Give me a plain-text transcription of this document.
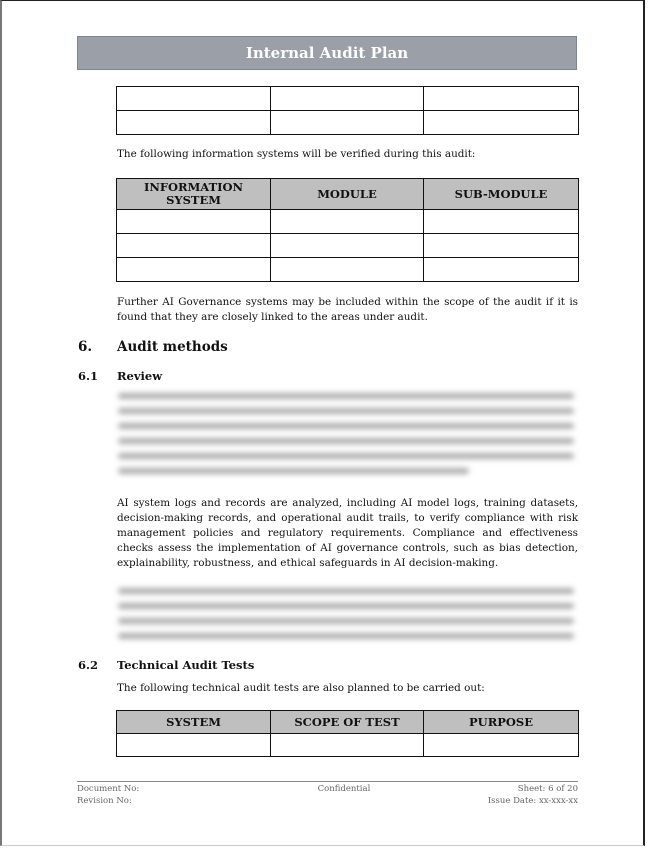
Internal Audit Plan

The following information systems will be verified during this audit:
INFORMATION SYSTEM	MODULE	SUB-MODULE

Further AI Governance systems may be included within the scope of the audit if it is found that they are closely linked to the areas under audit.
6. Audit methods
6.1 Review
AI system logs and records are analyzed, including AI model logs, training datasets, decision-making records, and operational audit trails, to verify compliance with risk management policies and regulatory requirements. Compliance and effectiveness checks assess the implementation of AI governance controls, such as bias detection, explainability, robustness, and ethical safeguards in AI decision-making.
6.2 Technical Audit Tests
The following technical audit tests are also planned to be carried out:
SYSTEM	SCOPE OF TEST	PURPOSE

Document No:
Revision No:
Confidential	Sheet: 6 of 20
Issue Date: xx-xxx-xx
